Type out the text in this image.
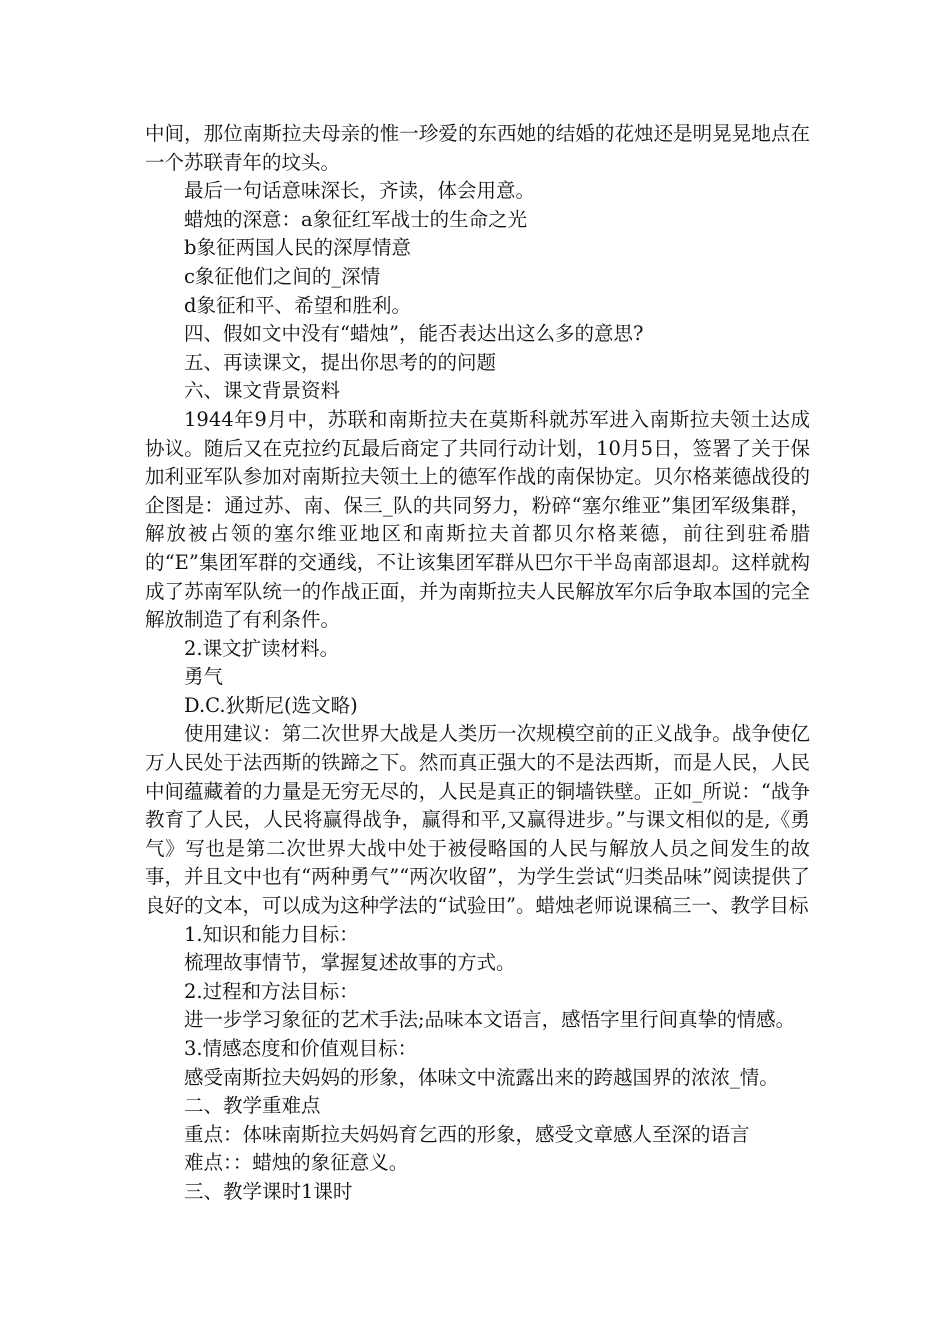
中间，那位南斯拉夫母亲的惟一珍爱的东西她的结婚的花烛还是明晃晃地点在一个苏联青年的坟头。

最后一句话意味深长，齐读，体会用意。

蜡烛的深意：a象征红军战士的生命之光

b象征两国人民的深厚情意

c象征他们之间的_深情

d象征和平、希望和胜利。

四、假如文中没有“蜡烛”，能否表达出这么多的意思?

五、再读课文，提出你思考的的问题

六、课文背景资料

1944年9月中，苏联和南斯拉夫在莫斯科就苏军进入南斯拉夫领土达成协议。随后又在克拉约瓦最后商定了共同行动计划，10月5日，签署了关于保加利亚军队参加对南斯拉夫领土上的德军作战的南保协定。贝尔格莱德战役的企图是：通过苏、南、保三_队的共同努力，粉碎“塞尔维亚”集团军级集群，解放被占领的塞尔维亚地区和南斯拉夫首都贝尔格莱德，前往到驻希腊的“E”集团军群的交通线，不让该集团军群从巴尔干半岛南部退却。这样就构成了苏南军队统一的作战正面，并为南斯拉夫人民解放军尔后争取本国的完全解放制造了有利条件。

2.课文扩读材料。

勇气

D.C.狄斯尼(选文略)

使用建议：第二次世界大战是人类历一次规模空前的正义战争。战争使亿万人民处于法西斯的铁蹄之下。然而真正强大的不是法西斯，而是人民，人民中间蕴藏着的力量是无穷无尽的，人民是真正的铜墙铁壁。正如_所说：“战争教育了人民，人民将赢得战争，赢得和平,又赢得进步。”与课文相似的是,《勇气》写也是第二次世界大战中处于被侵略国的人民与解放人员之间发生的故事，并且文中也有“两种勇气”“两次收留”，为学生尝试“归类品味”阅读提供了良好的文本，可以成为这种学法的“试验田”。蜡烛老师说课稿三一、教学目标

1.知识和能力目标：

梳理故事情节，掌握复述故事的方式。

2.过程和方法目标：

进一步学习象征的艺术手法;品味本文语言，感悟字里行间真挚的情感。

3.情感态度和价值观目标：

感受南斯拉夫妈妈的形象，体味文中流露出来的跨越国界的浓浓_情。

二、教学重难点

重点：体味南斯拉夫妈妈育乞西的形象，感受文章感人至深的语言

难点：：蜡烛的象征意义。

三、教学课时1课时
